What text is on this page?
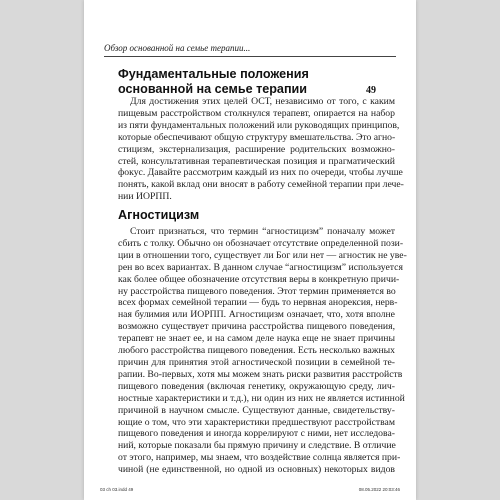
Обзор основанной на семье терапии...
49
Фундаментальные положения
основанной на семье терапии
Для достижения этих целей ОСТ, независимо от того, с каким
пищевым расстройством столкнулся терапевт, опирается на набор
из пяти фундаментальных положений или руководящих принципов,
которые обеспечивают общую структуру вмешательства. Это агно-
стицизм, экстернализация, расширение родительских возможно-
стей, консультативная терапевтическая позиция и прагматический
фокус. Давайте рассмотрим каждый из них по очереди, чтобы лучше
понять, какой вклад они вносят в работу семейной терапии при лече-
нии ИОРПП.
Агностицизм
Стоит признаться, что термин “агностицизм” поначалу может
сбить с толку. Обычно он обозначает отсутствие определенной пози-
ции в отношении того, существует ли Бог или нет — агностик не уве-
рен во всех вариантах. В данном случае “агностицизм” используется
как более общее обозначение отсутствия веры в конкретную причи-
ну расстройства пищевого поведения. Этот термин применяется во
всех формах семейной терапии — будь то нервная анорексия, нерв-
ная булимия или ИОРПП. Агностицизм означает, что, хотя вполне
возможно существует причина расстройства пищевого поведения,
терапевт не знает ее, и на самом деле наука еще не знает причины
любого расстройства пищевого поведения. Есть несколько важных
причин для принятия этой агностической позиции в семейной те-
рапии. Во-первых, хотя мы можем знать риски развития расстройств
пищевого поведения (включая генетику, окружающую среду, лич-
ностные характеристики и т.д.), ни один из них не является истинной
причиной в научном смысле. Существуют данные, свидетельству-
ющие о том, что эти характеристики предшествуют расстройствам
пищевого поведения и иногда коррелируют с ними, нет исследова-
ний, которые показали бы прямую причину и следствие. В отличие
от этого, например, мы знаем, что воздействие солнца является при-
чиной (не единственной, но одной из основных) некоторых видов
03 ch 03.indd 49	08.05.2022 20:03:46
